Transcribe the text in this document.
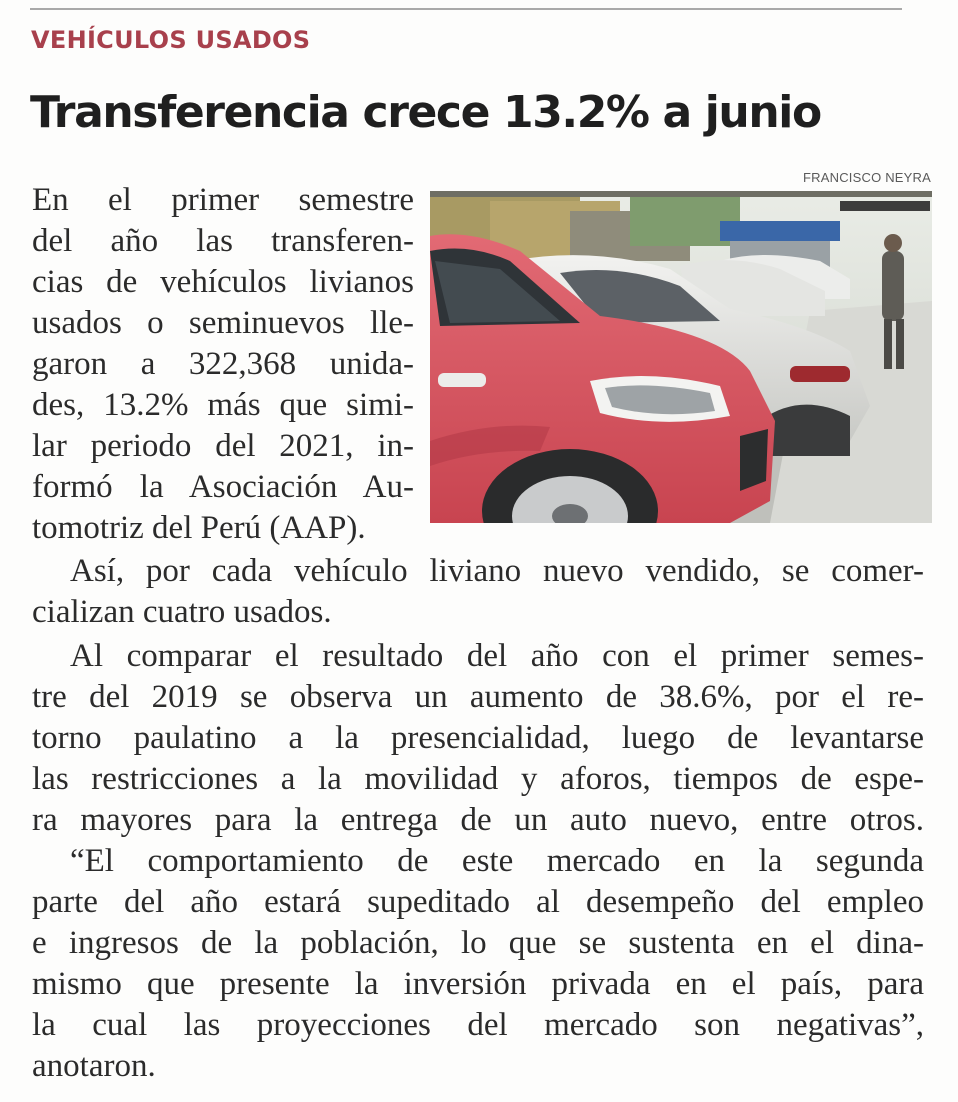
VEHÍCULOS USADOS
Transferencia crece 13.2% a junio
FRANCISCO NEYRA
En el primer semestre
del año las transferen-
cias de vehículos livianos
usados o seminuevos lle-
garon a 322,368 unida-
des, 13.2% más que simi-
lar periodo del 2021, in-
formó la Asociación Au-
tomotriz del Perú (AAP).
Así, por cada vehículo liviano nuevo vendido, se comer-
cializan cuatro usados.
Al comparar el resultado del año con el primer semes-
tre del 2019 se observa un aumento de 38.6%, por el re-
torno paulatino a la presencialidad, luego de levantarse
las restricciones a la movilidad y aforos, tiempos de espe-
ra mayores para la entrega de un auto nuevo, entre otros.
“El comportamiento de este mercado en la segunda
parte del año estará supeditado al desempeño del empleo
e ingresos de la población, lo que se sustenta en el dina-
mismo que presente la inversión privada en el país, para
la cual las proyecciones del mercado son negativas”,
anotaron.
